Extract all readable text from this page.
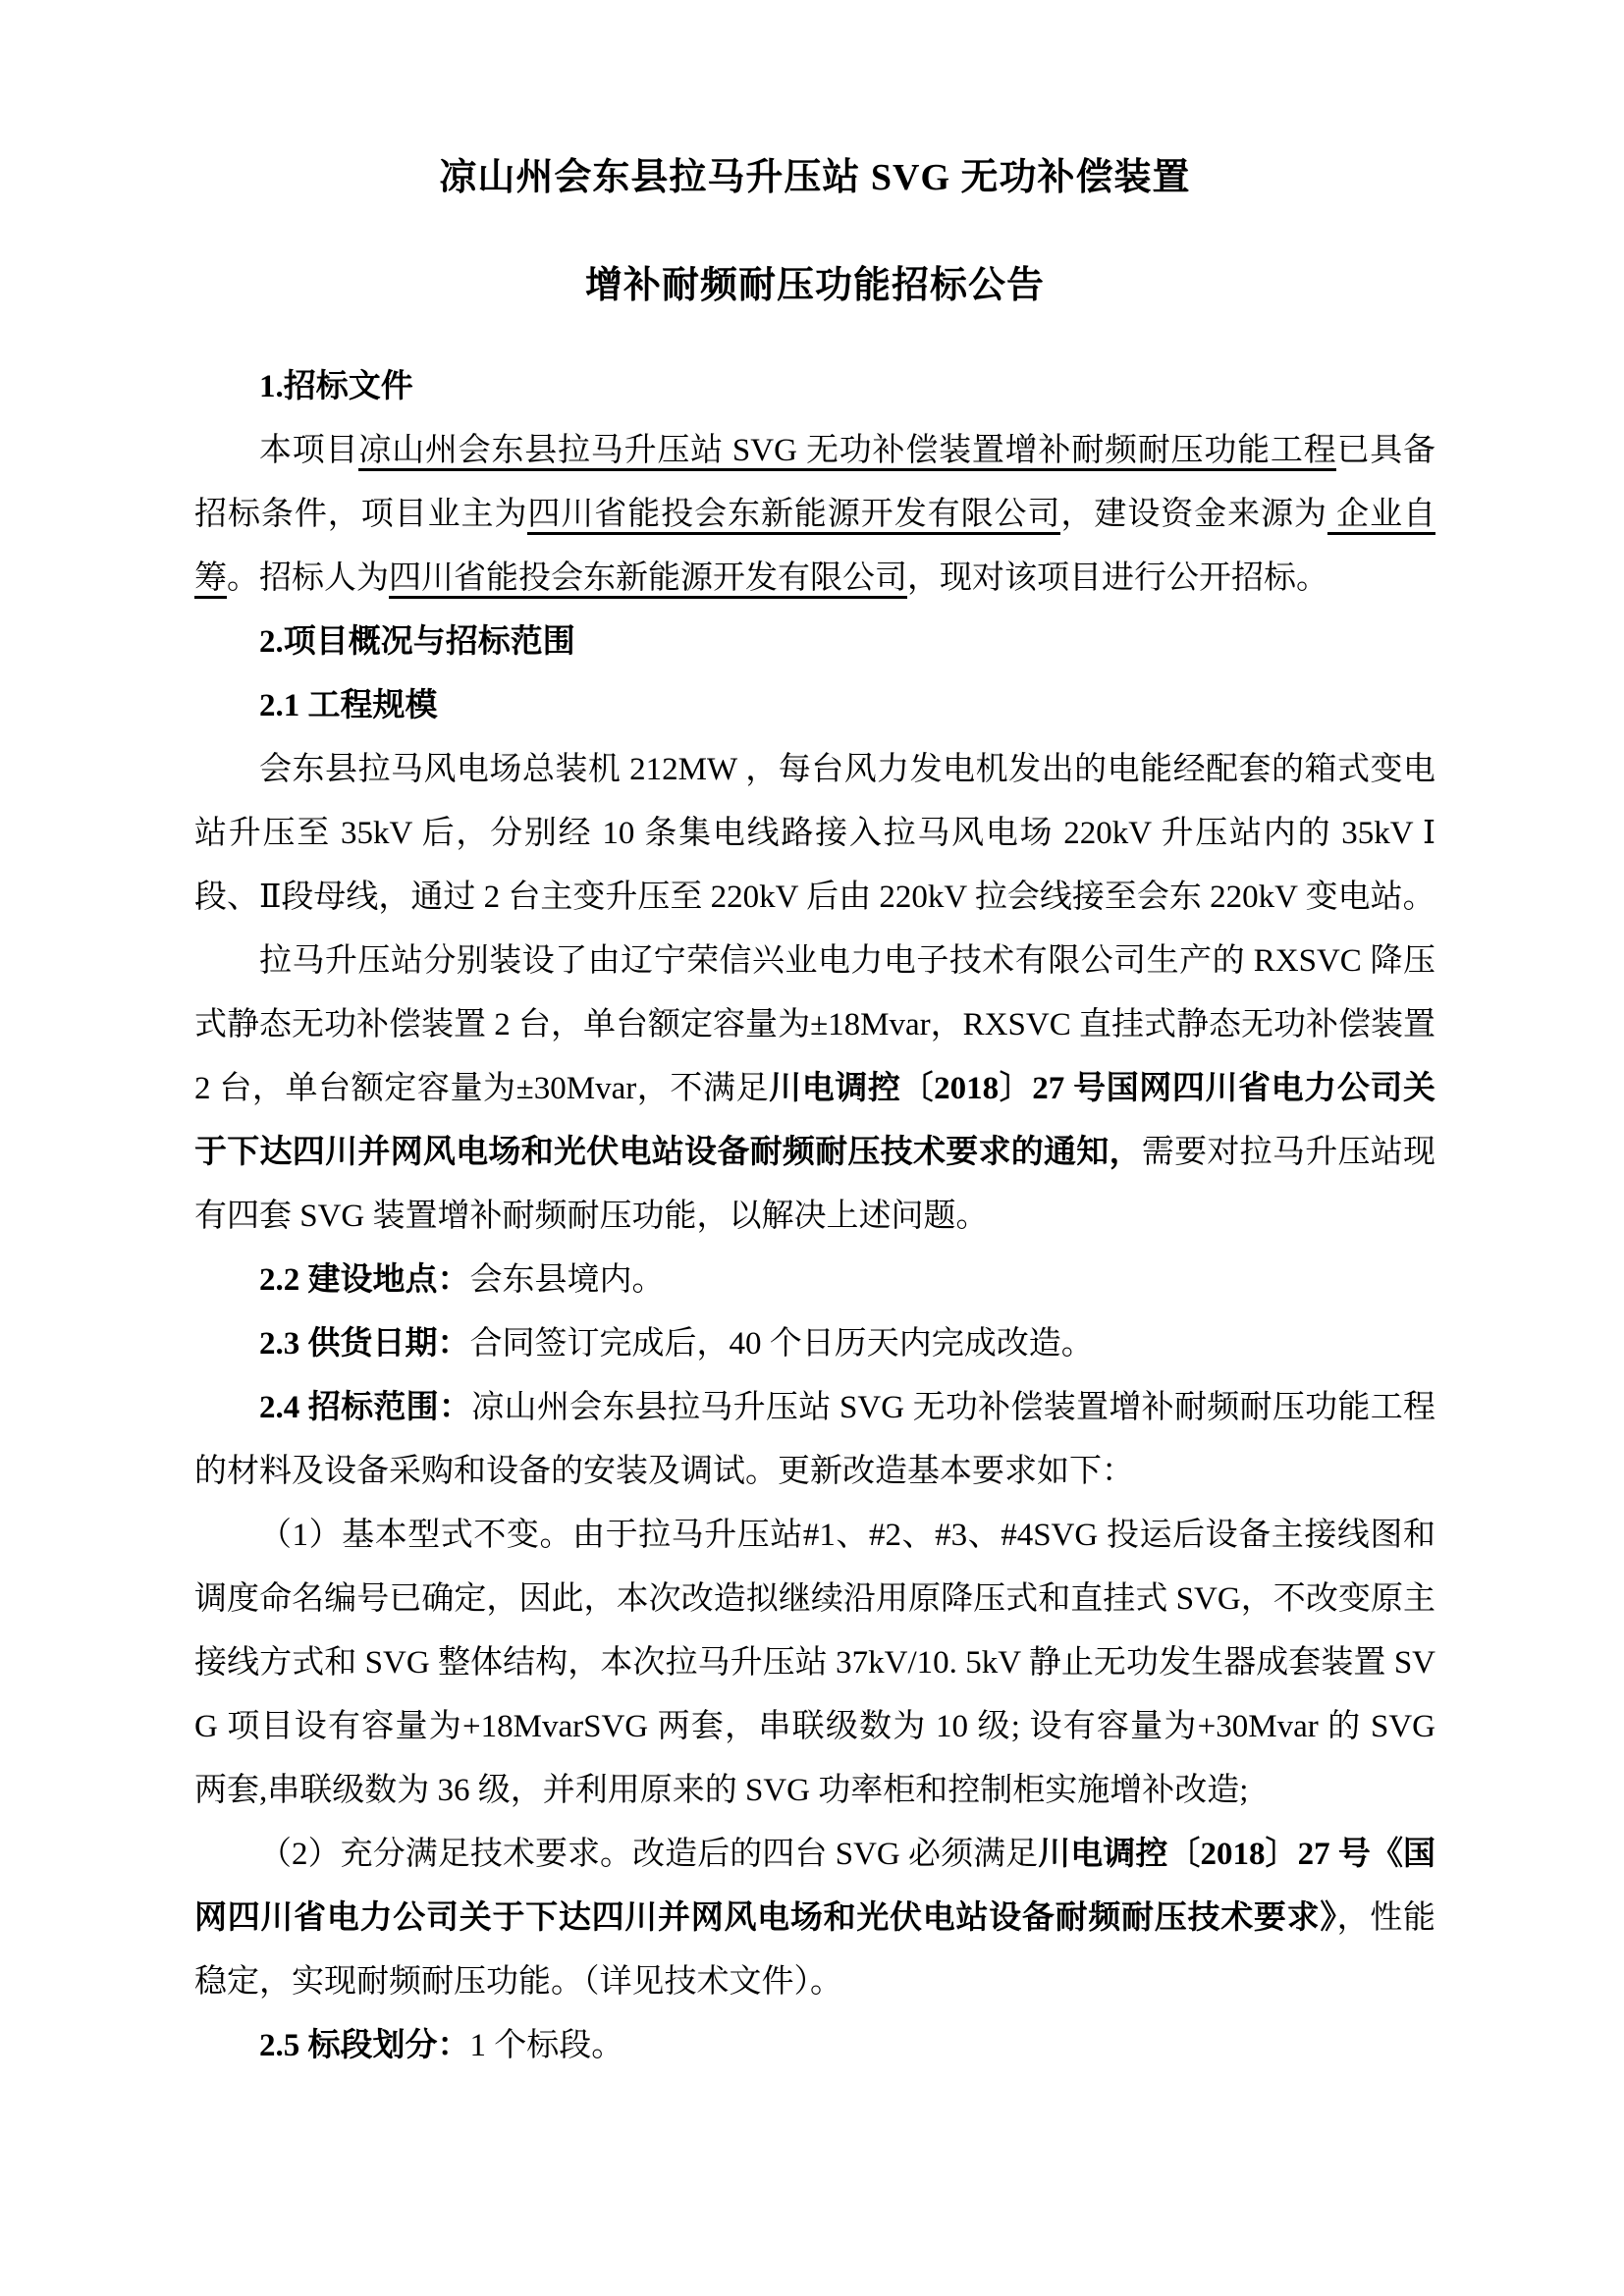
凉山州会东县拉马升压站 SVG 无功补偿装置
增补耐频耐压功能招标公告

1.招标文件

本项目凉山州会东县拉马升压站 SVG 无功补偿装置增补耐频耐压功能工程已具备招标条件，项目业主为四川省能投会东新能源开发有限公司，建设资金来源为 企业自筹。招标人为四川省能投会东新能源开发有限公司，现对该项目进行公开招标。

2.项目概况与招标范围

2.1 工程规模

会东县拉马风电场总装机 212MW ，每台风力发电机发出的电能经配套的箱式变电站升压至 35kV 后，分别经 10 条集电线路接入拉马风电场 220kV 升压站内的 35kV Ⅰ段、Ⅱ段母线，通过 2 台主变升压至 220kV 后由 220kV 拉会线接至会东 220kV 变电站。

拉马升压站分别装设了由辽宁荣信兴业电力电子技术有限公司生产的 RXSVC 降压式静态无功补偿装置 2 台，单台额定容量为±18Mvar，RXSVC 直挂式静态无功补偿装置 2 台，单台额定容量为±30Mvar，不满足川电调控〔2018〕27 号国网四川省电力公司关于下达四川并网风电场和光伏电站设备耐频耐压技术要求的通知，需要对拉马升压站现有四套 SVG 装置增补耐频耐压功能，以解决上述问题。

2.2 建设地点：会东县境内。

2.3 供货日期：合同签订完成后，40 个日历天内完成改造。

2.4 招标范围：凉山州会东县拉马升压站 SVG 无功补偿装置增补耐频耐压功能工程的材料及设备采购和设备的安装及调试。更新改造基本要求如下：

（1）基本型式不变。由于拉马升压站#1、#2、#3、#4SVG 投运后设备主接线图和调度命名编号已确定，因此，本次改造拟继续沿用原降压式和直挂式 SVG，不改变原主接线方式和 SVG 整体结构，本次拉马升压站 37kV/10. 5kV 静止无功发生器成套装置 SVG 项目设有容量为+18MvarSVG 两套，串联级数为 10 级; 设有容量为+30Mvar 的 SVG 两套,串联级数为 36 级，并利用原来的 SVG 功率柜和控制柜实施增补改造;

（2）充分满足技术要求。改造后的四台 SVG 必须满足川电调控〔2018〕27 号《国网四川省电力公司关于下达四川并网风电场和光伏电站设备耐频耐压技术要求》，性能稳定，实现耐频耐压功能。（详见技术文件）。

2.5 标段划分：1 个标段。
